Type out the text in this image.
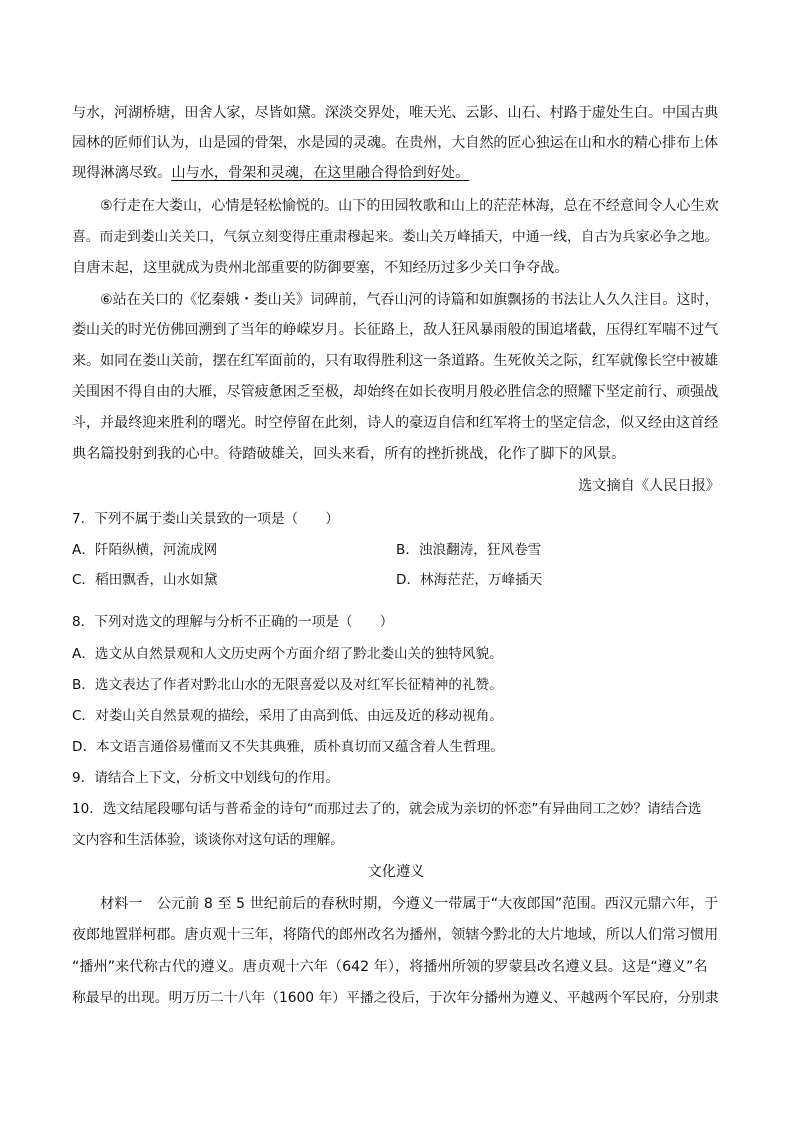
与水，河湖桥塘，田舍人家，尽皆如黛。深淡交界处，唯天光、云影、山石、村路于虚处生白。中国古典
园林的匠师们认为，山是园的骨架，水是园的灵魂。在贵州，大自然的匠心独运在山和水的精心排布上体
现得淋漓尽致。山与水，骨架和灵魂，在这里融合得恰到好处。
⑤行走在大娄山，心情是轻松愉悦的。山下的田园牧歌和山上的茫茫林海，总在不经意间令人心生欢
喜。而走到娄山关关口，气氛立刻变得庄重肃穆起来。娄山关万峰插天，中通一线，自古为兵家必争之地。
自唐末起，这里就成为贵州北部重要的防御要塞，不知经历过多少关口争夺战。
⑥站在关口的《忆秦娥・娄山关》词碑前，气吞山河的诗篇和如旗飘扬的书法让人久久注目。这时，
娄山关的时光仿佛回溯到了当年的峥嵘岁月。长征路上，敌人狂风暴雨般的围追堵截，压得红军喘不过气
来。如同在娄山关前，摆在红军面前的，只有取得胜利这一条道路。生死攸关之际，红军就像长空中被雄
关围困不得自由的大雁，尽管疲惫困乏至极，却始终在如长夜明月般必胜信念的照耀下坚定前行、顽强战
斗，并最终迎来胜利的曙光。时空停留在此刻，诗人的豪迈自信和红军将士的坚定信念，似又经由这首经
典名篇投射到我的心中。待踏破雄关，回头来看，所有的挫折挑战，化作了脚下的风景。
选文摘自《人民日报》
7．下列不属于娄山关景致的一项是（　　）
A．阡陌纵横，河流成网	B．浊浪翻涛，狂风卷雪
C．稻田飘香，山水如黛	D．林海茫茫，万峰插天
8．下列对选文的理解与分析不正确的一项是（　　）
A．选文从自然景观和人文历史两个方面介绍了黔北娄山关的独特风貌。
B．选文表达了作者对黔北山水的无限喜爱以及对红军长征精神的礼赞。
C．对娄山关自然景观的描绘，采用了由高到低、由远及近的移动视角。
D．本文语言通俗易懂而又不失其典雅，质朴真切而又蕴含着人生哲理。
9．请结合上下文，分析文中划线句的作用。
10．选文结尾段哪句话与普希金的诗句“而那过去了的，就会成为亲切的怀恋”有异曲同工之妙？请结合选
文内容和生活体验，谈谈你对这句话的理解。
文化遵义
材料一　公元前 8 至 5 世纪前后的春秋时期，今遵义一带属于“大夜郎国”范围。西汉元鼎六年，于
夜郎地置牂柯郡。唐贞观十三年，将隋代的郎州改名为播州，领辖今黔北的大片地域，所以人们常习惯用
“播州”来代称古代的遵义。唐贞观十六年（642 年），将播州所领的罗蒙县改名遵义县。这是“遵义”名
称最早的出现。明万历二十八年（1600 年）平播之役后，于次年分播州为遵义、平越两个军民府，分别隶
